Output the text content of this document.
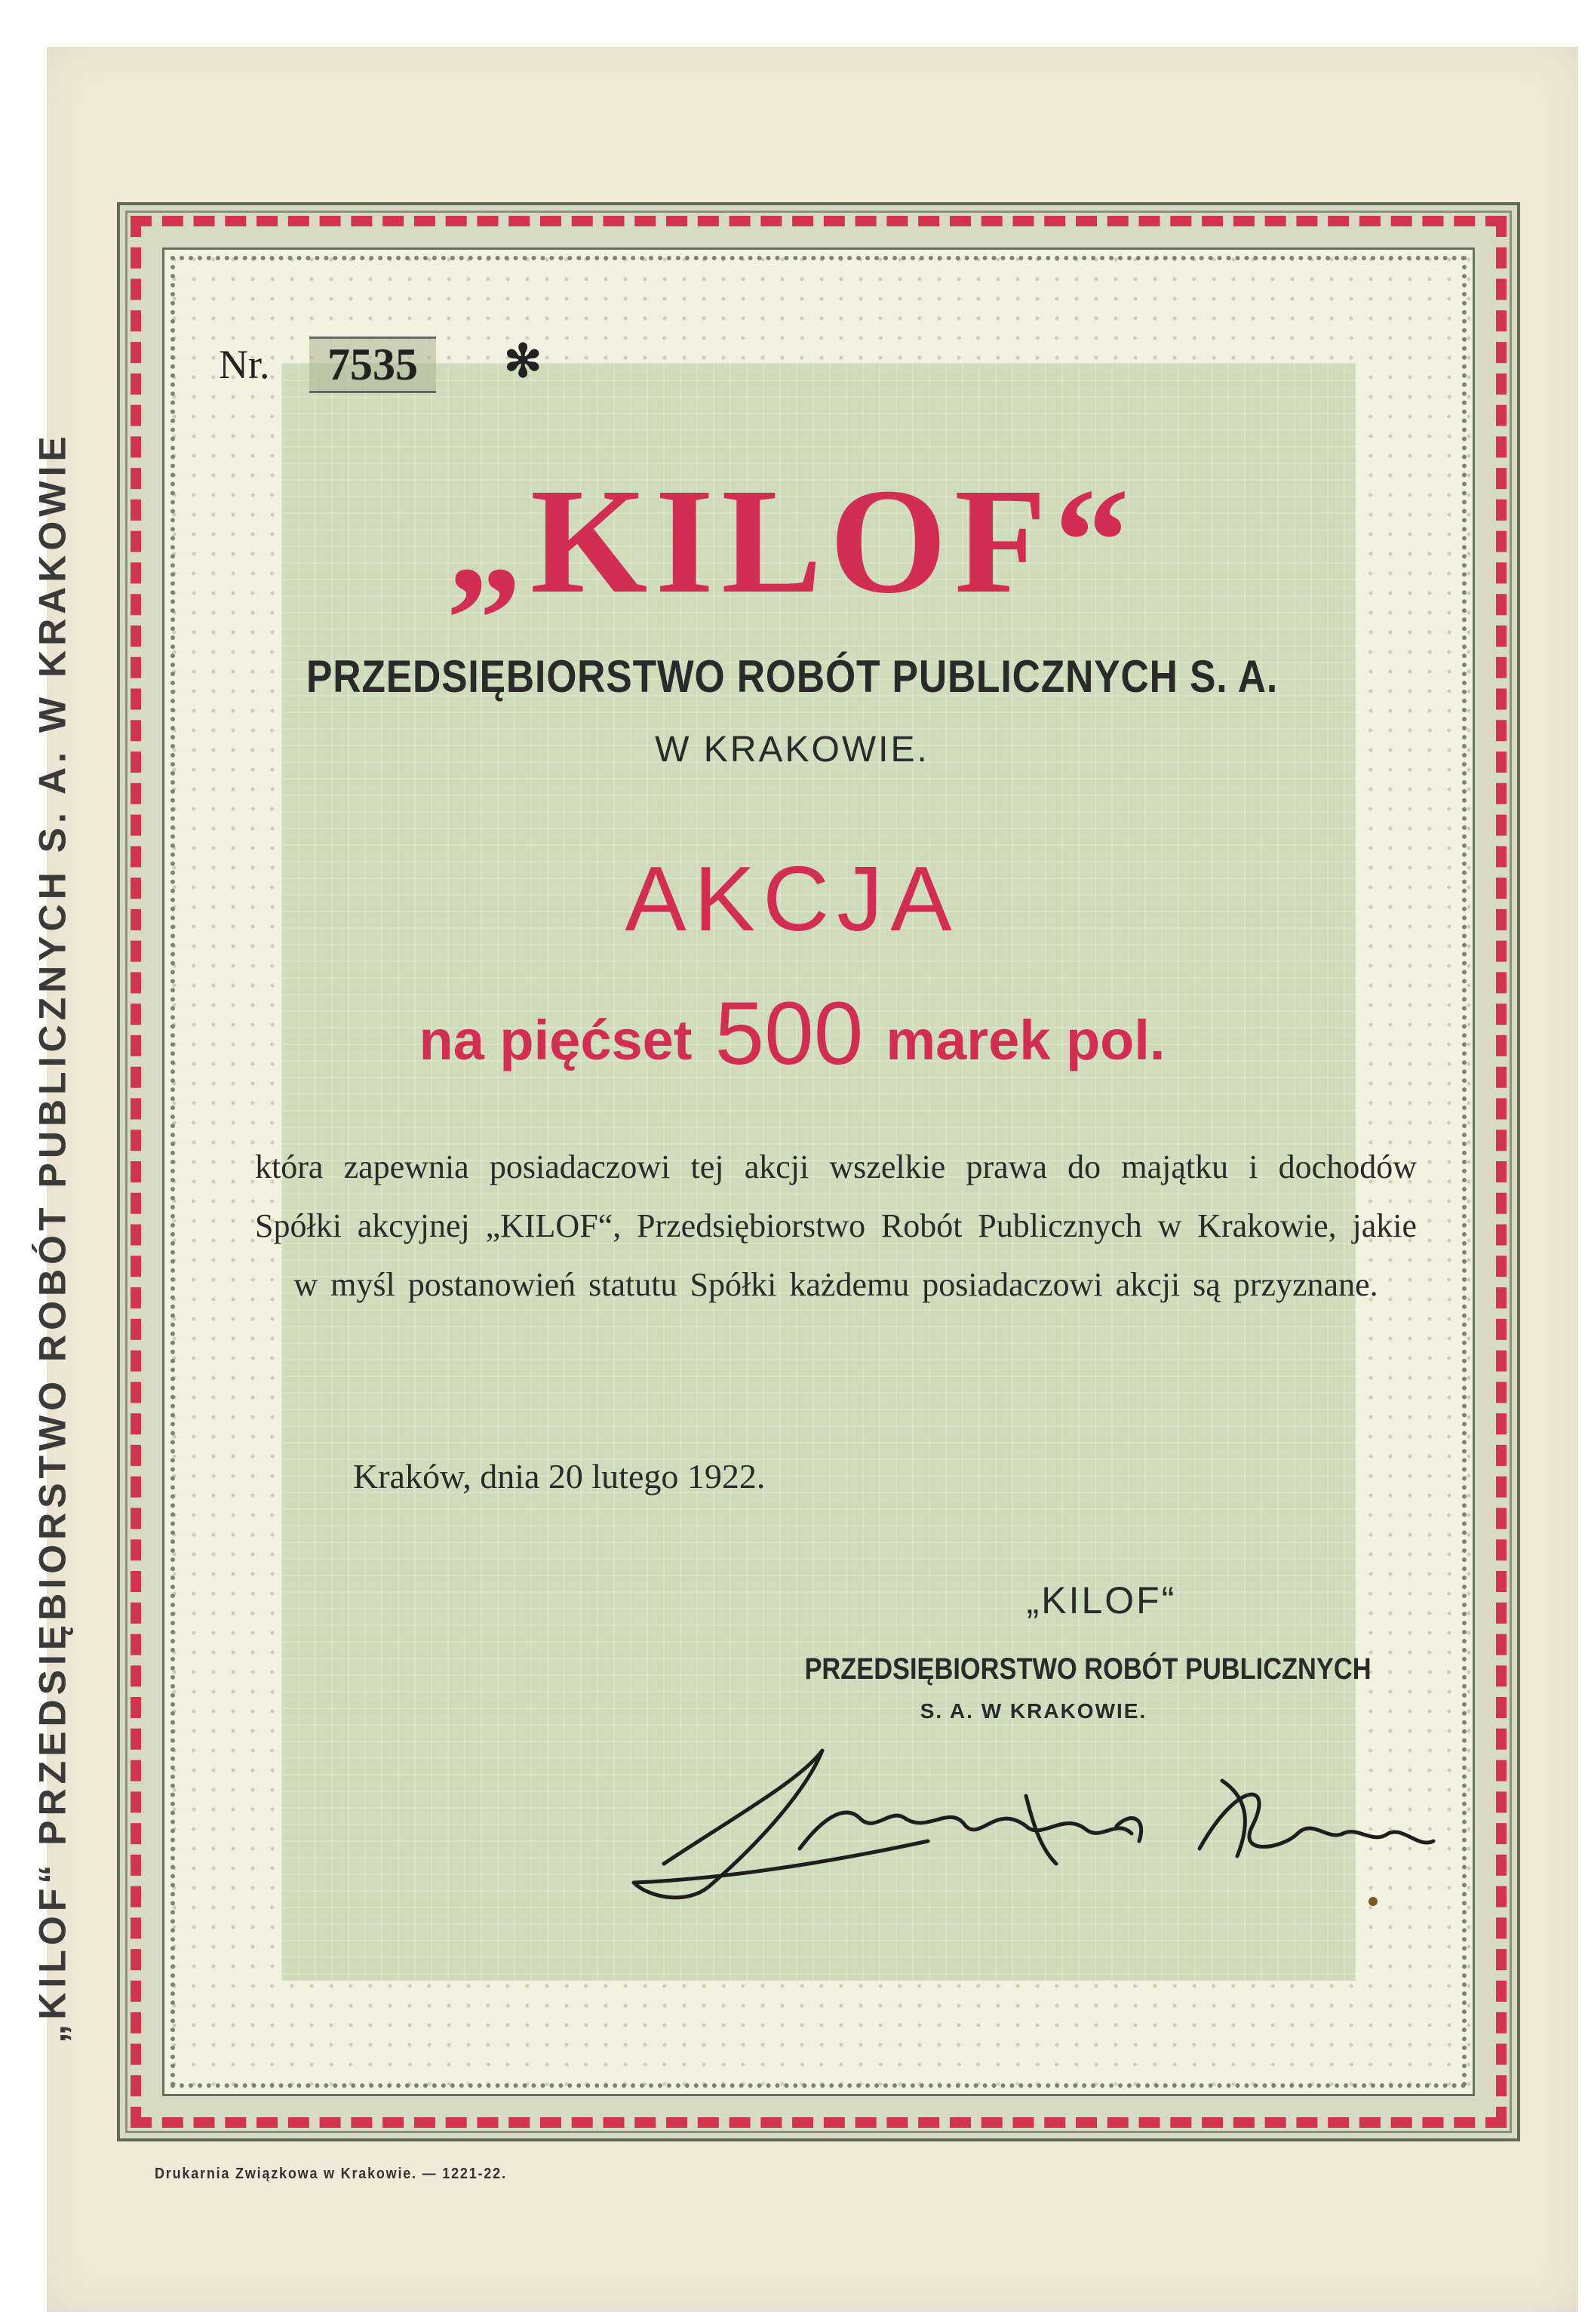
„KILOF“ PRZEDSIĘBIORSTWO ROBÓT PUBLICZNYCH S. A. W KRAKOWIE
Nr.	7535	✻
„KILOF“
PRZEDSIĘBIORSTWO ROBÓT PUBLICZNYCH S. A.
W KRAKOWIE.
AKCJA
na pięćset 500 marek pol.
która zapewnia posiadaczowi tej akcji wszelkie prawa do majątku i dochodów Spółki akcyjnej „KILOF“, Przedsiębiorstwo Robót Publicznych w Krakowie, jakie w myśl postanowień statutu Spółki każdemu posiadaczowi akcji są przyznane.
Kraków, dnia 20 lutego 1922.
„KILOF“
PRZEDSIĘBIORSTWO ROBÓT PUBLICZNYCH
S. A. W KRAKOWIE.
Drukarnia Związkowa w Krakowie. — 1221-22.
